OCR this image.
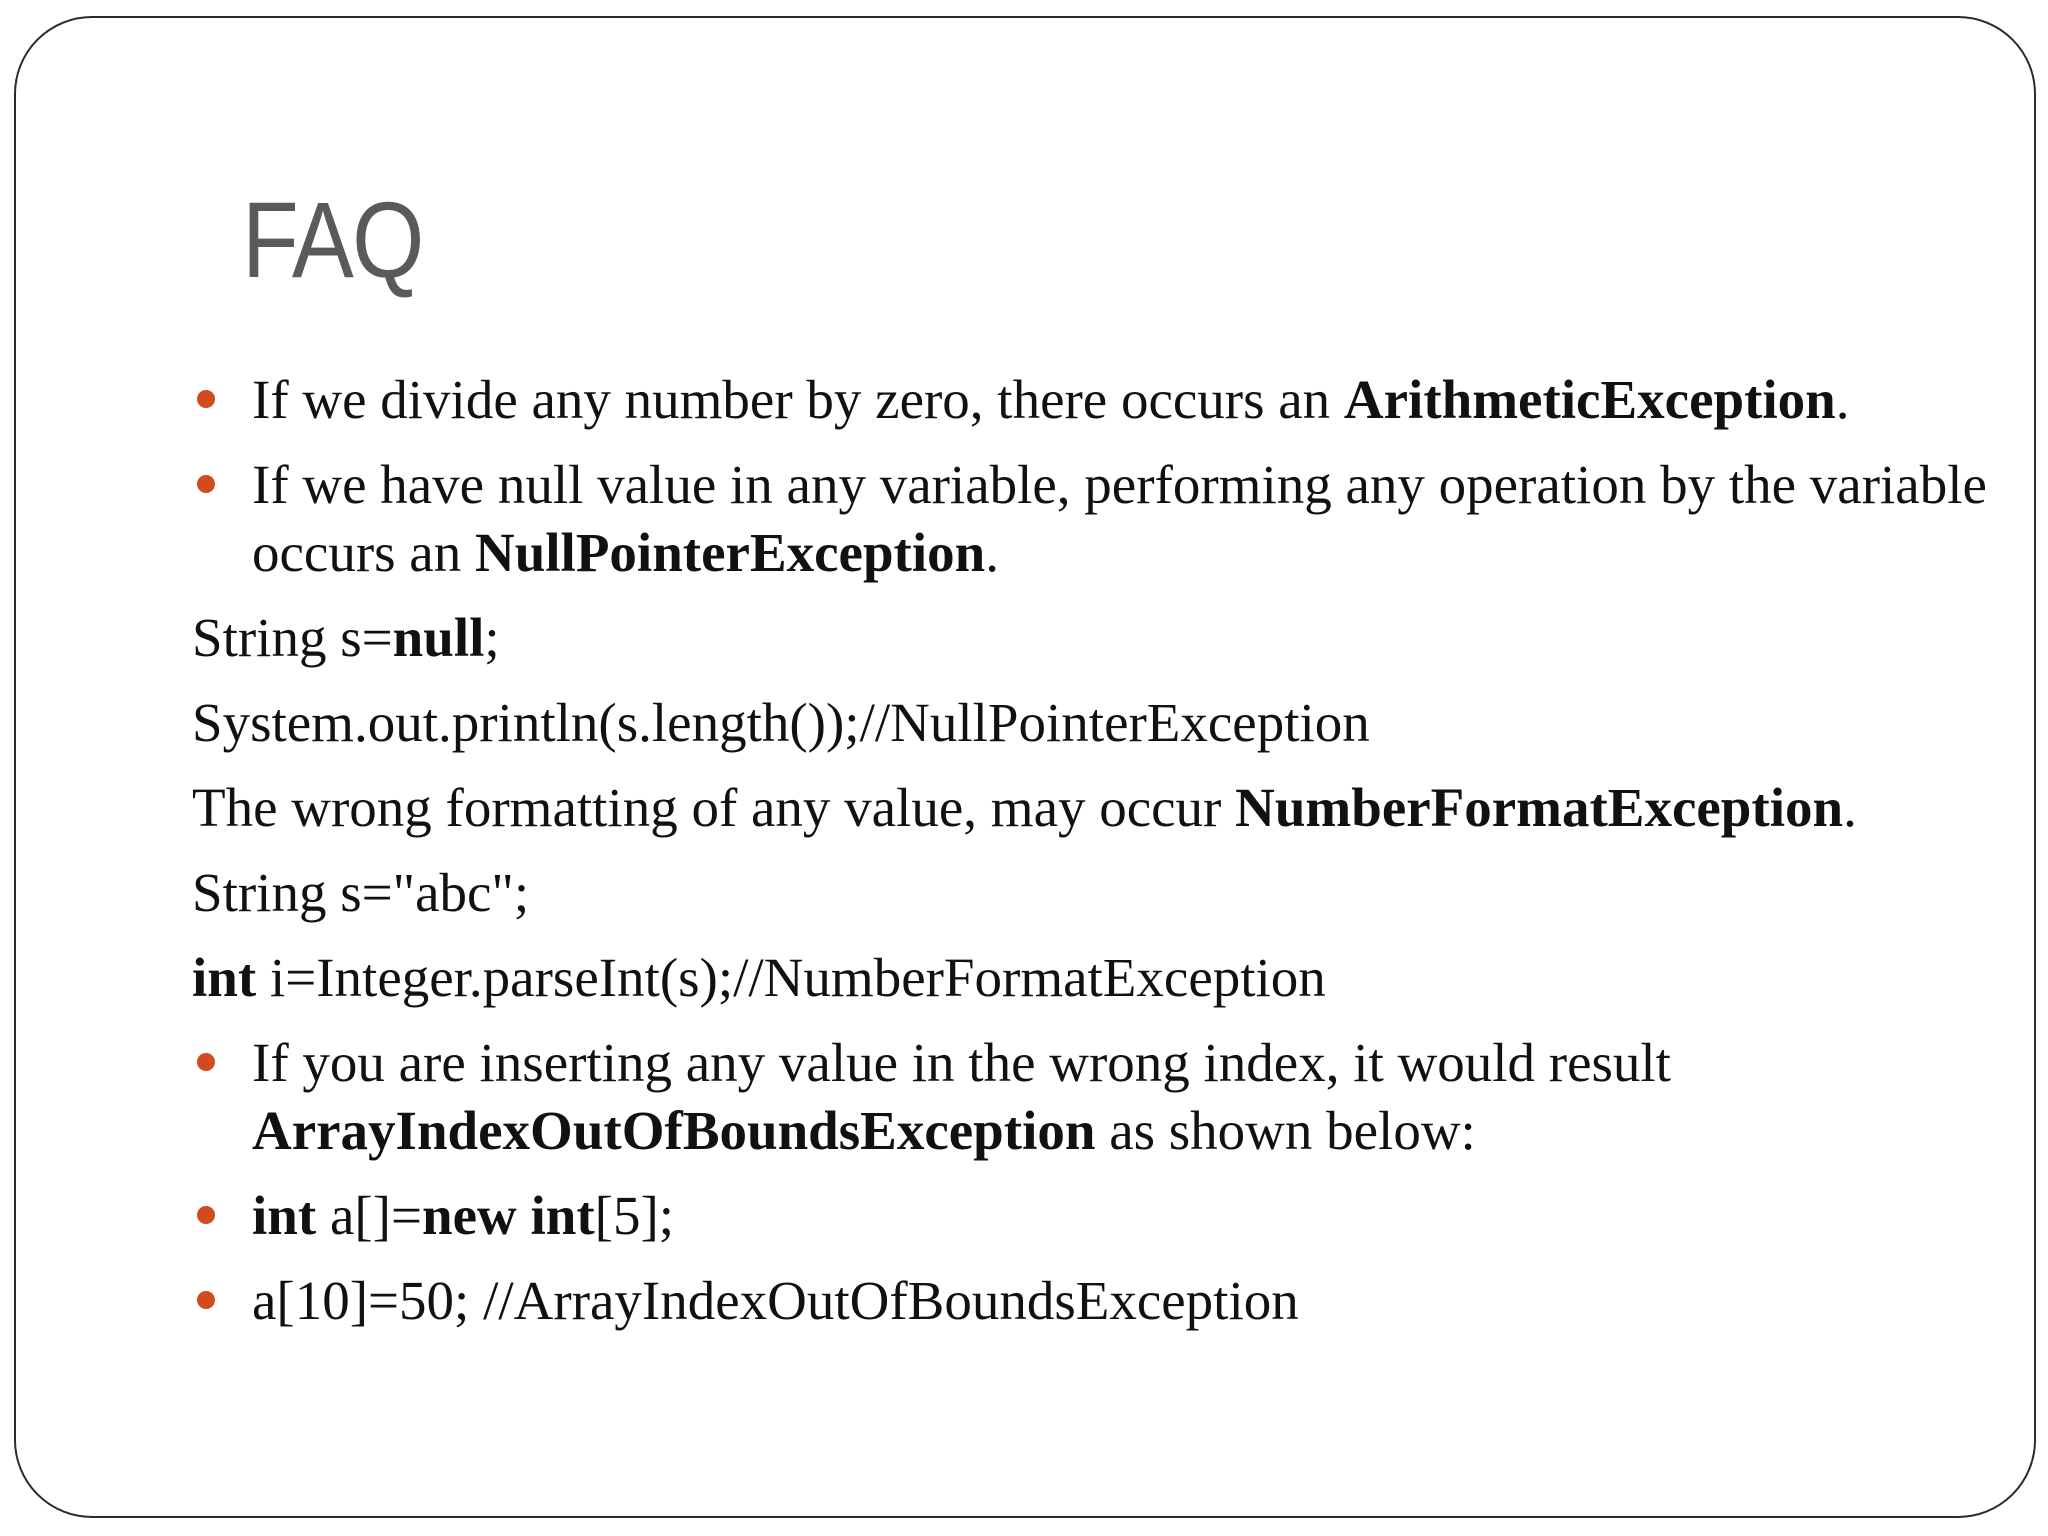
FAQ
If we divide any number by zero, there occurs an ArithmeticException.
If we have null value in any variable, performing any operation by the variable occurs an NullPointerException.
String s=null;
System.out.println(s.length());//NullPointerException
The wrong formatting of any value, may occur NumberFormatException.
String s="abc";
int i=Integer.parseInt(s);//NumberFormatException
If you are inserting any value in the wrong index, it would result ArrayIndexOutOfBoundsException as shown below:
int a[]=new int[5];
a[10]=50; //ArrayIndexOutOfBoundsException
